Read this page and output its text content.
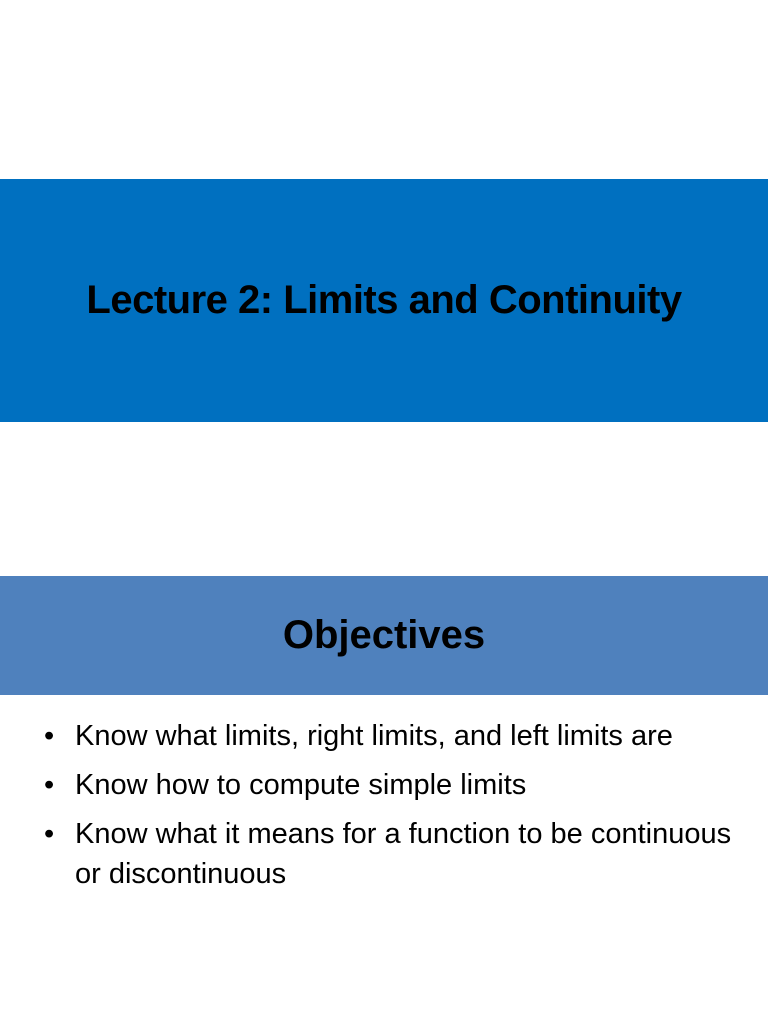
Lecture 2: Limits and Continuity
Objectives
• Know what limits, right limits, and left limits are
• Know how to compute simple limits
• Know what it means for a function to be continuous or discontinuous
